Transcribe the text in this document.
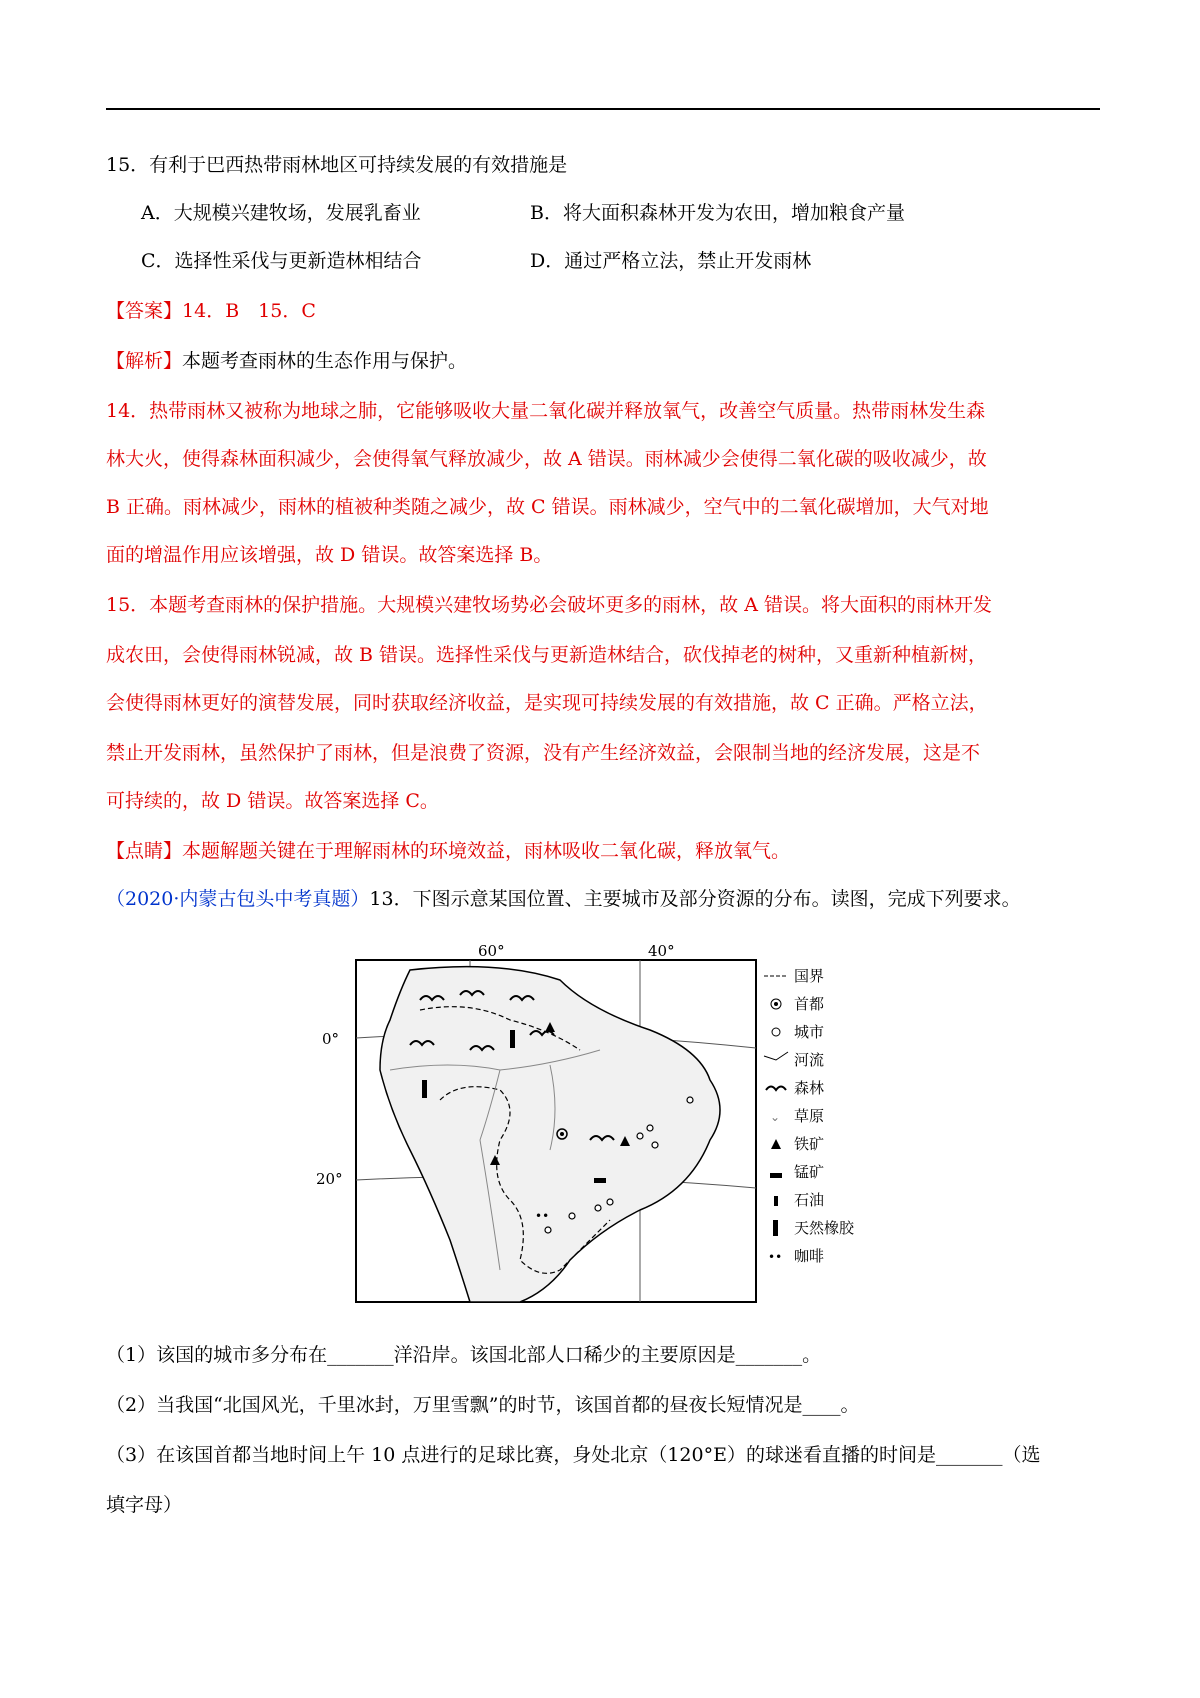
15．有利于巴西热带雨林地区可持续发展的有效措施是
A．大规模兴建牧场，发展乳畜业	B．将大面积森林开发为农田，增加粮食产量
C．选择性采伐与更新造林相结合	D．通过严格立法，禁止开发雨林
【答案】14．B　15．C
【解析】本题考查雨林的生态作用与保护。
14．热带雨林又被称为地球之肺，它能够吸收大量二氧化碳并释放氧气，改善空气质量。热带雨林发生森
林大火，使得森林面积减少，会使得氧气释放减少，故 A 错误。雨林减少会使得二氧化碳的吸收减少，故
B 正确。雨林减少，雨林的植被种类随之减少，故 C 错误。雨林减少，空气中的二氧化碳增加，大气对地
面的增温作用应该增强，故 D 错误。故答案选择 B。
15．本题考查雨林的保护措施。大规模兴建牧场势必会破坏更多的雨林，故 A 错误。将大面积的雨林开发
成农田，会使得雨林锐减，故 B 错误。选择性采伐与更新造林结合，砍伐掉老的树种，又重新种植新树，
会使得雨林更好的演替发展，同时获取经济收益，是实现可持续发展的有效措施，故 C 正确。严格立法，
禁止开发雨林，虽然保护了雨林，但是浪费了资源，没有产生经济效益，会限制当地的经济发展，这是不
可持续的，故 D 错误。故答案选择 C。
【点睛】本题解题关键在于理解雨林的环境效益，雨林吸收二氧化碳，释放氧气。
（2020·内蒙古包头中考真题）13．下图示意某国位置、主要城市及部分资源的分布。读图，完成下列要求。
60°	40°
0°
20°
••
国界
首都
城市
河流
森林
⌄ 草原
铁矿
锰矿
石油
天然橡胶
•• 咖啡
（1）该国的城市多分布在_______洋沿岸。该国北部人口稀少的主要原因是_______。
（2）当我国“北国风光，千里冰封，万里雪飘”的时节，该国首都的昼夜长短情况是____。
（3）在该国首都当地时间上午 10 点进行的足球比赛，身处北京（120°E）的球迷看直播的时间是_______（选
填字母）
